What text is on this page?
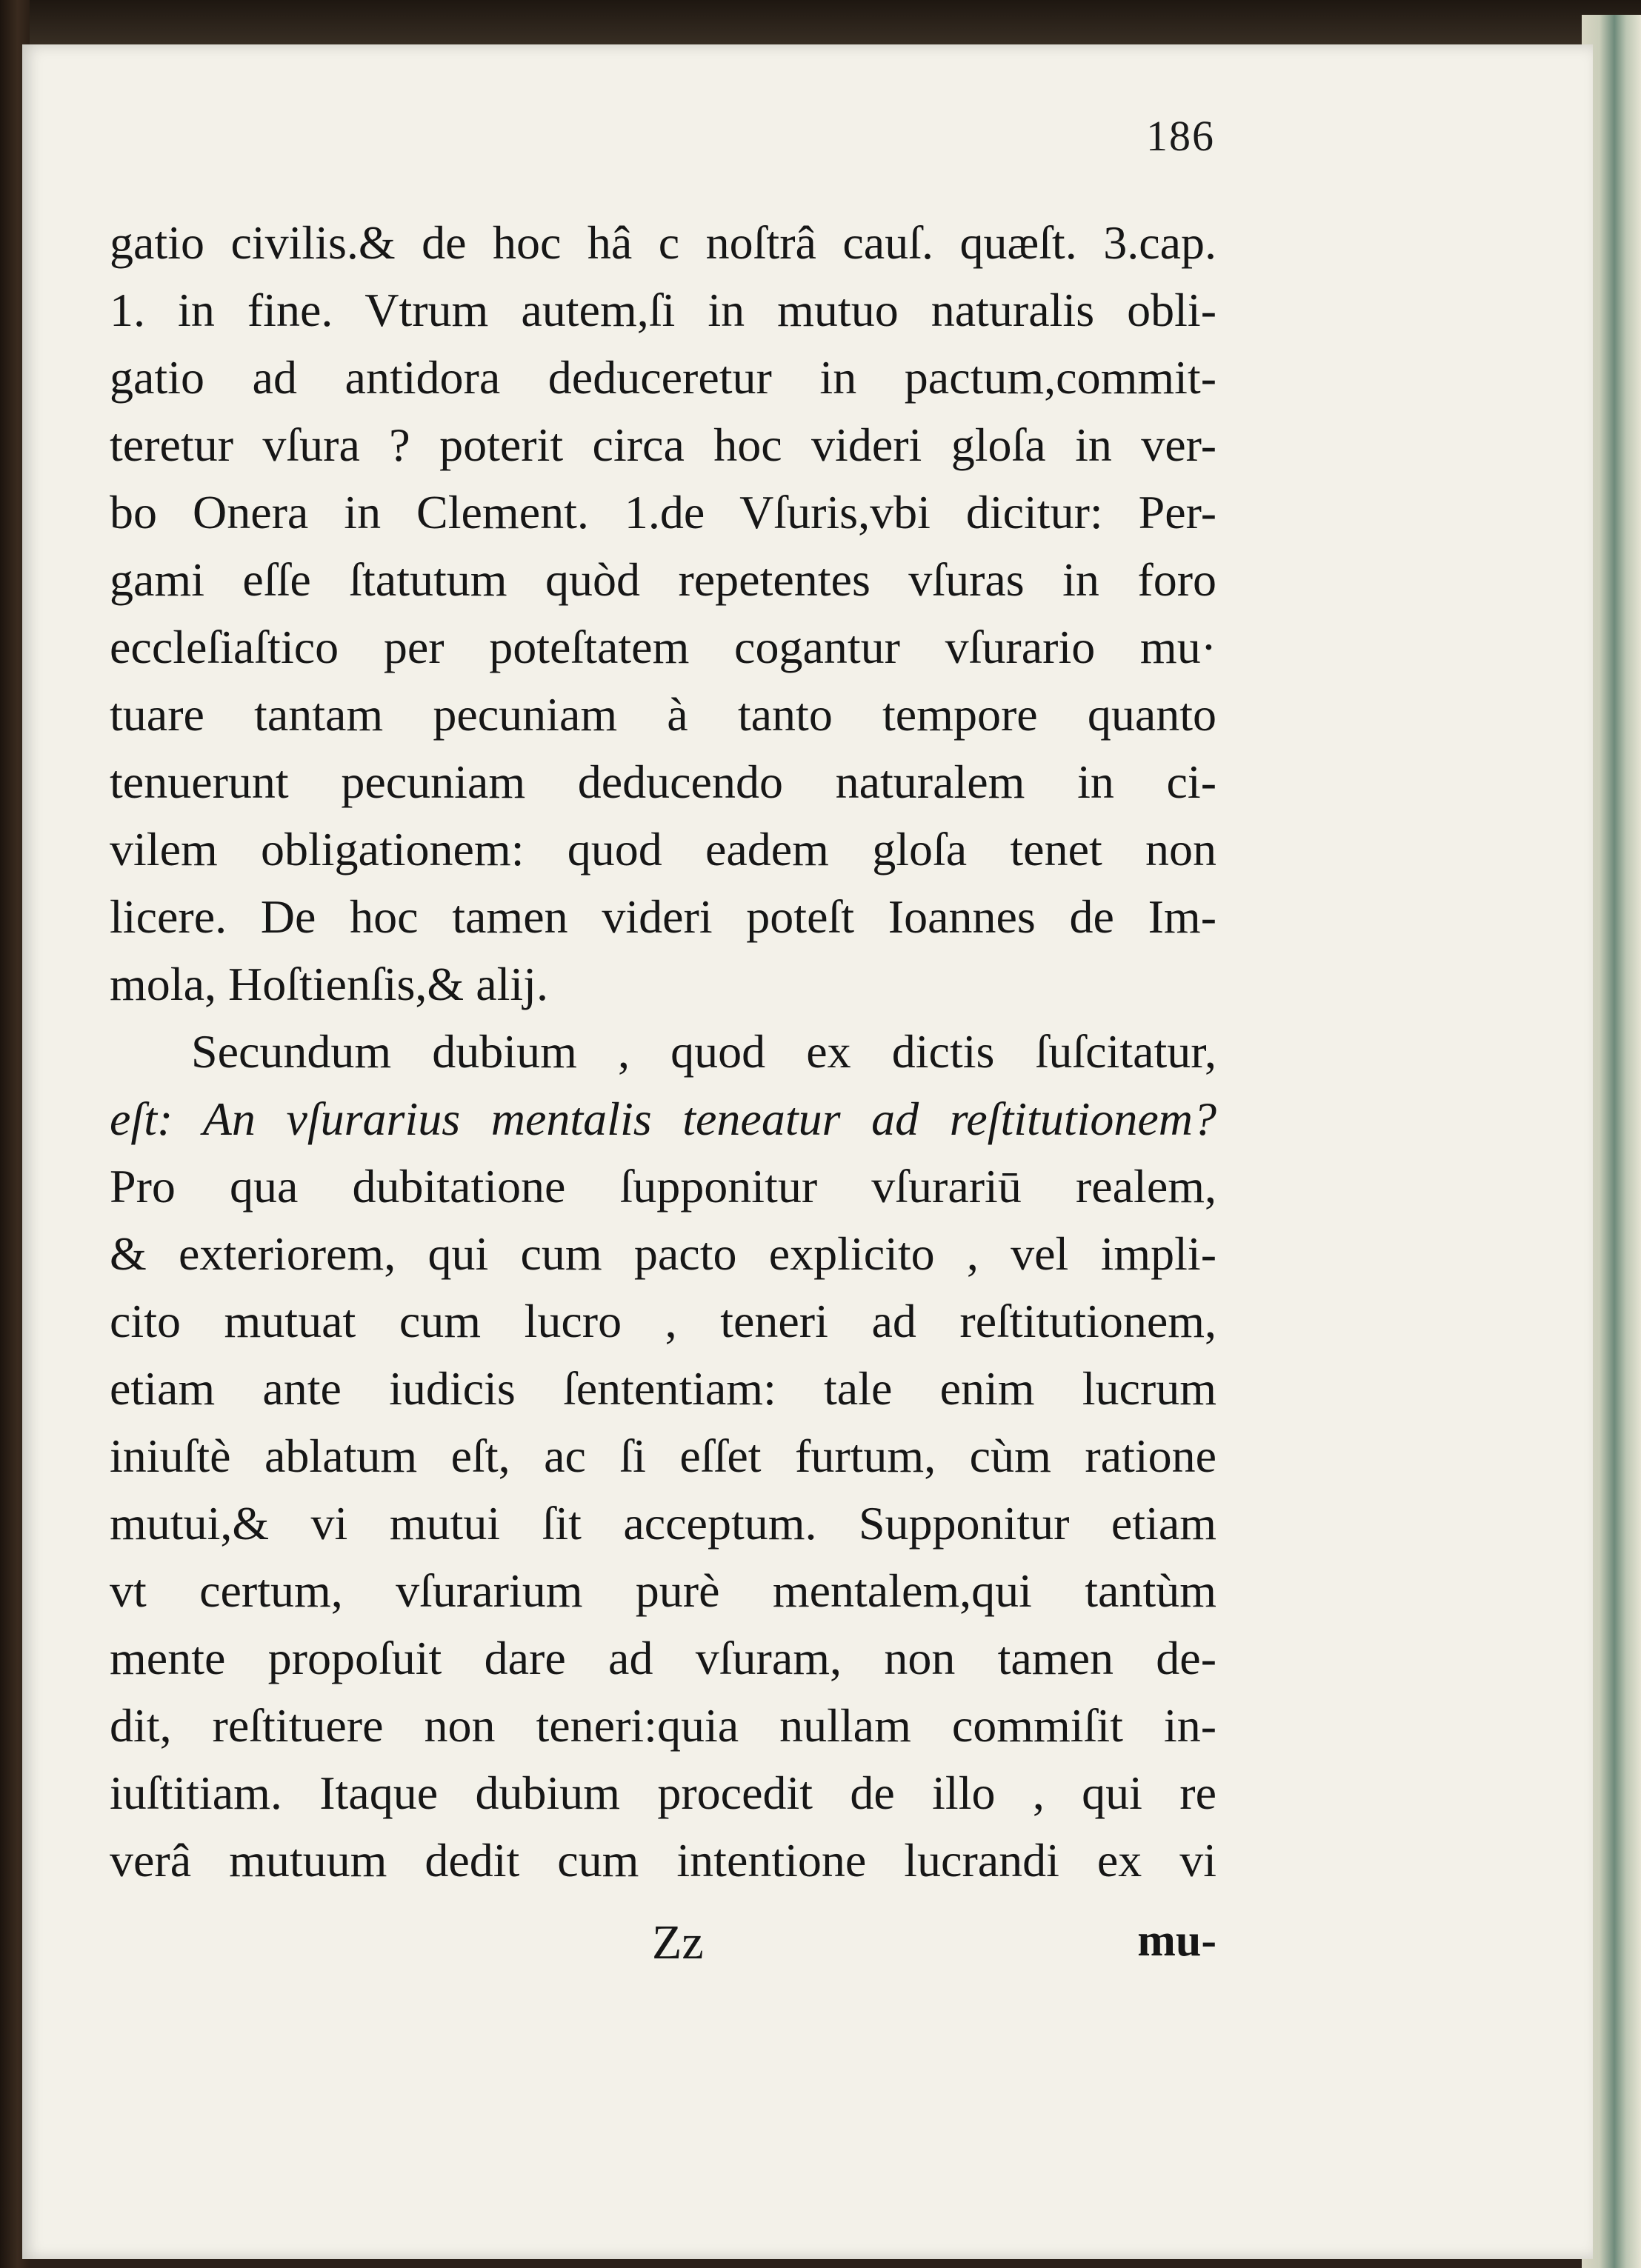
186
gatio civilis.& de hoc hâ c noſtrâ cauſ. quæſt. 3.cap.
1. in fine. Vtrum autem,ſi in mutuo naturalis obli-
gatio ad antidora deduceretur in pactum,commit-
teretur vſura ? poterit circa hoc videri gloſa in ver-
bo Onera in Clement. 1.de Vſuris,vbi dicitur: Per-
gami eſſe ſtatutum quòd repetentes vſuras in foro
eccleſiaſtico per poteſtatem cogantur vſurario mu·
tuare tantam pecuniam à tanto tempore quanto
tenuerunt pecuniam deducendo naturalem in ci-
vilem obligationem: quod eadem gloſa tenet non
licere. De hoc tamen videri poteſt Ioannes de Im-
mola, Hoſtienſis,& alij.
Secundum dubium , quod ex dictis ſuſcitatur,
eſt: An vſurarius mentalis teneatur ad reſtitutionem?
Pro qua dubitatione ſupponitur vſurariū realem,
& exteriorem, qui cum pacto explicito , vel impli-
cito mutuat cum lucro , teneri ad reſtitutionem,
etiam ante iudicis ſententiam: tale enim lucrum
iniuſtè ablatum eſt, ac ſi eſſet furtum, cùm ratione
mutui,& vi mutui ſit acceptum. Supponitur etiam
vt certum, vſurarium purè mentalem,qui tantùm
mente propoſuit dare ad vſuram, non tamen de-
dit, reſtituere non teneri:quia nullam commiſit in-
iuſtitiam. Itaque dubium procedit de illo , qui re
verâ mutuum dedit cum intentione lucrandi ex vi
Zz	mu-
